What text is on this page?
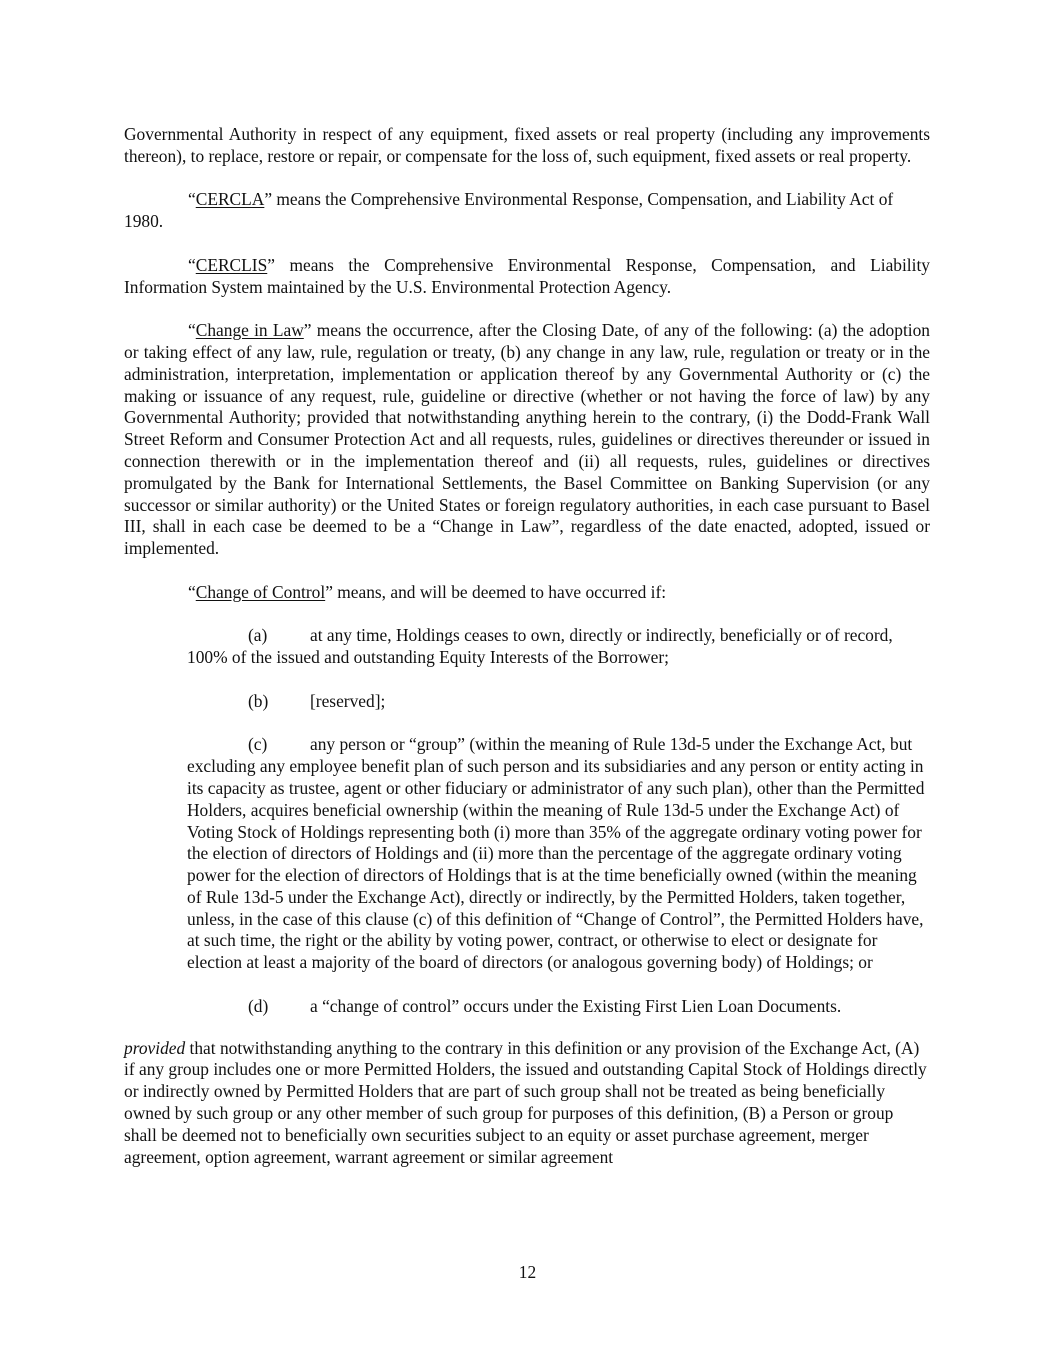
Governmental Authority in respect of any equipment, fixed assets or real property (including any improvements thereon), to replace, restore or repair, or compensate for the loss of, such equipment, fixed assets or real property.

“CERCLA” means the Comprehensive Environmental Response, Compensation, and Liability Act of 1980.

“CERCLIS” means the Comprehensive Environmental Response, Compensation, and Liability Information System maintained by the U.S. Environmental Protection Agency.

“Change in Law” means the occurrence, after the Closing Date, of any of the following: (a) the adoption or taking effect of any law, rule, regulation or treaty, (b) any change in any law, rule, regulation or treaty or in the administration, interpretation, implementation or application thereof by any Governmental Authority or (c) the making or issuance of any request, rule, guideline or directive (whether or not having the force of law) by any Governmental Authority; provided that notwithstanding anything herein to the contrary, (i) the Dodd-Frank Wall Street Reform and Consumer Protection Act and all requests, rules, guidelines or directives thereunder or issued in connection therewith or in the implementation thereof and (ii) all requests, rules, guidelines or directives promulgated by the Bank for International Settlements, the Basel Committee on Banking Supervision (or any successor or similar authority) or the United States or foreign regulatory authorities, in each case pursuant to Basel III, shall in each case be deemed to be a “Change in Law”, regardless of the date enacted, adopted, issued or implemented.

“Change of Control” means, and will be deemed to have occurred if:

(a) at any time, Holdings ceases to own, directly or indirectly, beneficially or of record, 100% of the issued and outstanding Equity Interests of the Borrower;

(b) [reserved];

(c) any person or “group” (within the meaning of Rule 13d-5 under the Exchange Act, but excluding any employee benefit plan of such person and its subsidiaries and any person or entity acting in its capacity as trustee, agent or other fiduciary or administrator of any such plan), other than the Permitted Holders, acquires beneficial ownership (within the meaning of Rule 13d-5 under the Exchange Act) of Voting Stock of Holdings representing both (i) more than 35% of the aggregate ordinary voting power for the election of directors of Holdings and (ii) more than the percentage of the aggregate ordinary voting power for the election of directors of Holdings that is at the time beneficially owned (within the meaning of Rule 13d-5 under the Exchange Act), directly or indirectly, by the Permitted Holders, taken together, unless, in the case of this clause (c) of this definition of “Change of Control”, the Permitted Holders have, at such time, the right or the ability by voting power, contract, or otherwise to elect or designate for election at least a majority of the board of directors (or analogous governing body) of Holdings; or

(d) a “change of control” occurs under the Existing First Lien Loan Documents.

provided that notwithstanding anything to the contrary in this definition or any provision of the Exchange Act, (A) if any group includes one or more Permitted Holders, the issued and outstanding Capital Stock of Holdings directly or indirectly owned by Permitted Holders that are part of such group shall not be treated as being beneficially owned by such group or any other member of such group for purposes of this definition, (B) a Person or group shall be deemed not to beneficially own securities subject to an equity or asset purchase agreement, merger agreement, option agreement, warrant agreement or similar agreement

12
